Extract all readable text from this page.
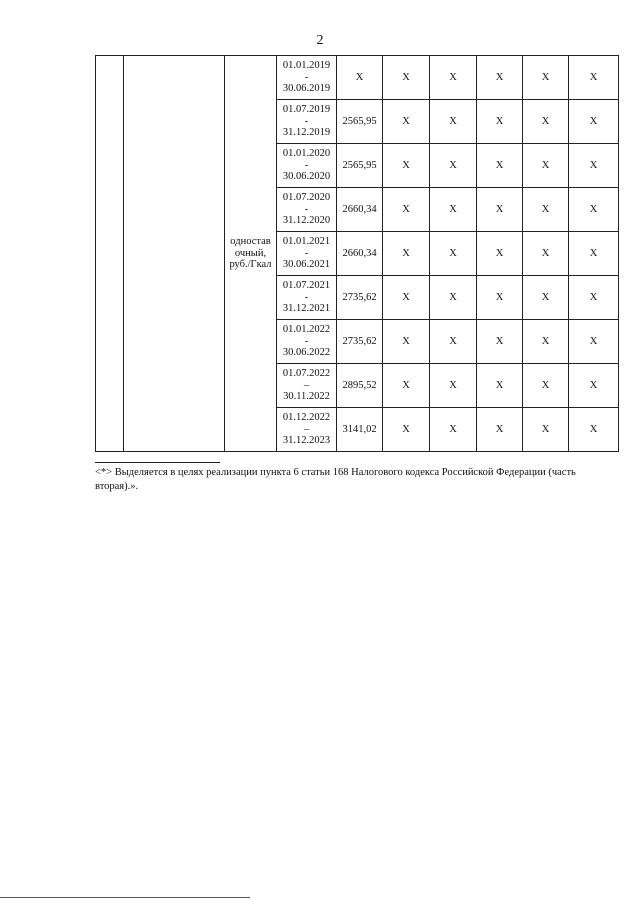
2
		одностав очный, руб./Гкал	01.01.2019
-
30.06.2019	X	X	X	X	X	X

			01.07.2019
-
31.12.2019	2565,95	X	X	X	X	X

			01.01.2020
-
30.06.2020	2565,95	X	X	X	X	X

			01.07.2020
-
31.12.2020	2660,34	X	X	X	X	X

			01.01.2021
-
30.06.2021	2660,34	X	X	X	X	X

			01.07.2021
-
31.12.2021	2735,62	X	X	X	X	X

			01.01.2022
-
30.06.2022	2735,62	X	X	X	X	X

			01.07.2022
–
30.11.2022	2895,52	X	X	X	X	X

			01.12.2022
–
31.12.2023	3141,02	X	X	X	X	X
<*> Выделяется в целях реализации пункта 6 статьи 168 Налогового кодекса Российской Федерации (часть вторая).».
